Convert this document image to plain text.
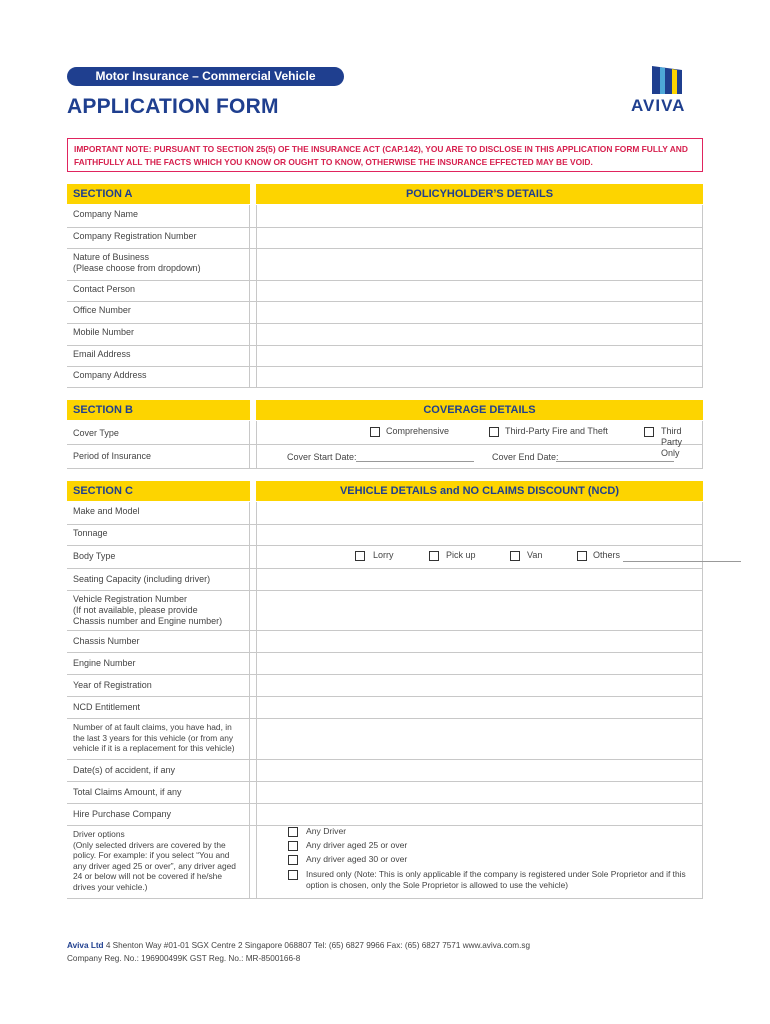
Motor Insurance – Commercial Vehicle
APPLICATION FORM	AVIVA
IMPORTANT NOTE: PURSUANT TO SECTION 25(5) OF THE INSURANCE ACT (CAP.142), YOU ARE TO DISCLOSE IN THIS APPLICATION FORM FULLY AND FAITHFULLY ALL THE FACTS WHICH YOU KNOW OR OUGHT TO KNOW, OTHERWISE THE INSURANCE EFFECTED MAY BE VOID.
SECTION A	POLICYHOLDER’S DETAILS
Company Name
Company Registration Number
Nature of Business
(Please choose from dropdown)
Contact Person
Office Number
Mobile Number
Email Address
Company Address
SECTION B	COVERAGE DETAILS
Cover Type	Comprehensive	Third-Party Fire and Theft	Third Party Only
Period of Insurance	Cover Start Date:	Cover End Date:
SECTION C	VEHICLE DETAILS and NO CLAIMS DISCOUNT (NCD)
Make and Model
Tonnage
Body Type	Lorry	Pick up	Van	Others
Seating Capacity (including driver)
Vehicle Registration Number
(If not available, please provide
Chassis number and Engine number)
Chassis Number
Engine Number
Year of Registration
NCD Entitlement
Number of at fault claims, you have had, in the last 3 years for this vehicle (or from any vehicle if it is a replacement for this vehicle)
Date(s) of accident, if any
Total Claims Amount, if any
Hire Purchase Company
Driver options
(Only selected drivers are covered by the policy. For example: if you select “You and any driver aged 25 or over”, any driver aged 24 or below will not be covered if he/she drives your vehicle.)
Any Driver
Any driver aged 25 or over
Any driver aged 30 or over
Insured only (Note: This is only applicable if the company is registered under Sole Proprietor and if this option is chosen, only the Sole Proprietor is allowed to use the vehicle)
Aviva Ltd 4 Shenton Way #01-01 SGX Centre 2 Singapore 068807 Tel: (65) 6827 9966 Fax: (65) 6827 7571 www.aviva.com.sg
Company Reg. No.: 196900499K GST Reg. No.: MR-8500166-8
